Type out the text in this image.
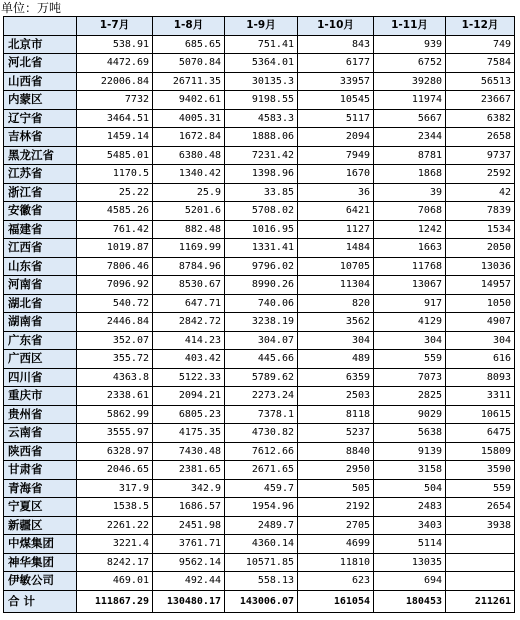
单位：万吨
	1-7月	1-8月	1-9月	1-10月	1-11月	1-12月
北京市	538.91	685.65	751.41	843	939	749
河北省	4472.69	5070.84	5364.01	6177	6752	7584
山西省	22006.84	26711.35	30135.3	33957	39280	56513
内蒙区	7732	9402.61	9198.55	10545	11974	23667
辽宁省	3464.51	4005.31	4583.3	5117	5667	6382
吉林省	1459.14	1672.84	1888.06	2094	2344	2658
黑龙江省	5485.01	6380.48	7231.42	7949	8781	9737
江苏省	1170.5	1340.42	1398.96	1670	1868	2592
浙江省	25.22	25.9	33.85	36	39	42
安徽省	4585.26	5201.6	5708.02	6421	7068	7839
福建省	761.42	882.48	1016.95	1127	1242	1534
江西省	1019.87	1169.99	1331.41	1484	1663	2050
山东省	7806.46	8784.96	9796.02	10705	11768	13036
河南省	7096.92	8530.67	8990.26	11304	13067	14957
湖北省	540.72	647.71	740.06	820	917	1050
湖南省	2446.84	2842.72	3238.19	3562	4129	4907
广东省	352.07	414.23	304.07	304	304	304
广西区	355.72	403.42	445.66	489	559	616
四川省	4363.8	5122.33	5789.62	6359	7073	8093
重庆市	2338.61	2094.21	2273.24	2503	2825	3311
贵州省	5862.99	6805.23	7378.1	8118	9029	10615
云南省	3555.97	4175.35	4730.82	5237	5638	6475
陕西省	6328.97	7430.48	7612.66	8840	9139	15809
甘肃省	2046.65	2381.65	2671.65	2950	3158	3590
青海省	317.9	342.9	459.7	505	504	559
宁夏区	1538.5	1686.57	1954.96	2192	2483	2654
新疆区	2261.22	2451.98	2489.7	2705	3403	3938
中煤集团	3221.4	3761.71	4360.14	4699	5114	
神华集团	8242.17	9562.14	10571.85	11810	13035	
伊敏公司	469.01	492.44	558.13	623	694	
合 计	111867.29	130480.17	143006.07	161054	180453	211261
